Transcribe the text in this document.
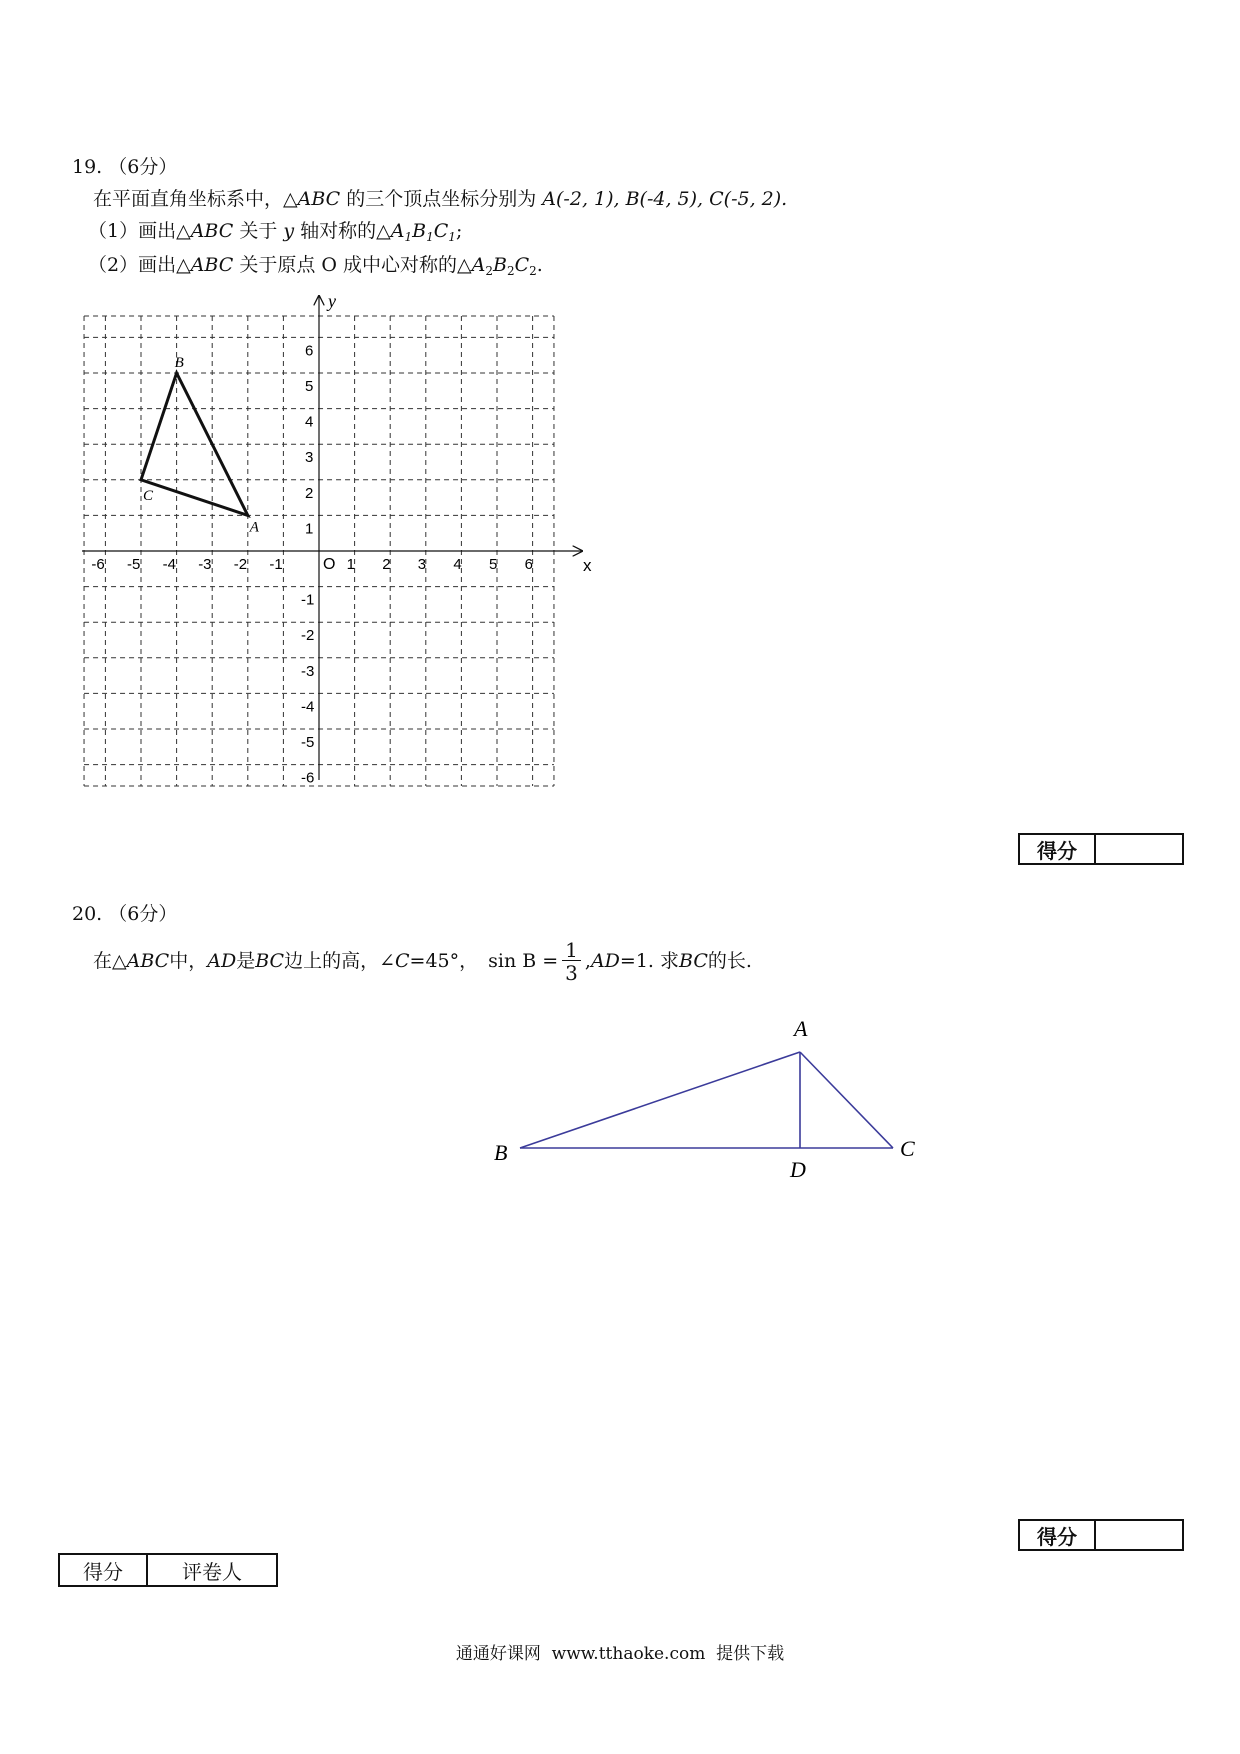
19. （6分）
在平面直角坐标系中，△ABC 的三个顶点坐标分别为 A(-2, 1), B(-4, 5), C(-5, 2).
（1）画出△ABC 关于 y 轴对称的$\triangle A_1B_1C_1$;
（2）画出△ABC 关于原点 O 成中心对称的$\triangle A_2B_2C_2$.
x
y
O
-6 -5 -4 -3 -2 -1	1 2 3 4 5 6
6
5
4
3
2
1
-1
-2
-3
-4
-5
-6
A
B
C
得分
20. （6分）
在△ ABC 中， AD 是 BC 边上的高，∠ C =45°， $\sin B = \frac{1}{3}$ , AD =1. 求 BC 的长.
A
B	C
D
得分
得分	评卷人
通通好课网  www.tthaoke.com  提供下载
